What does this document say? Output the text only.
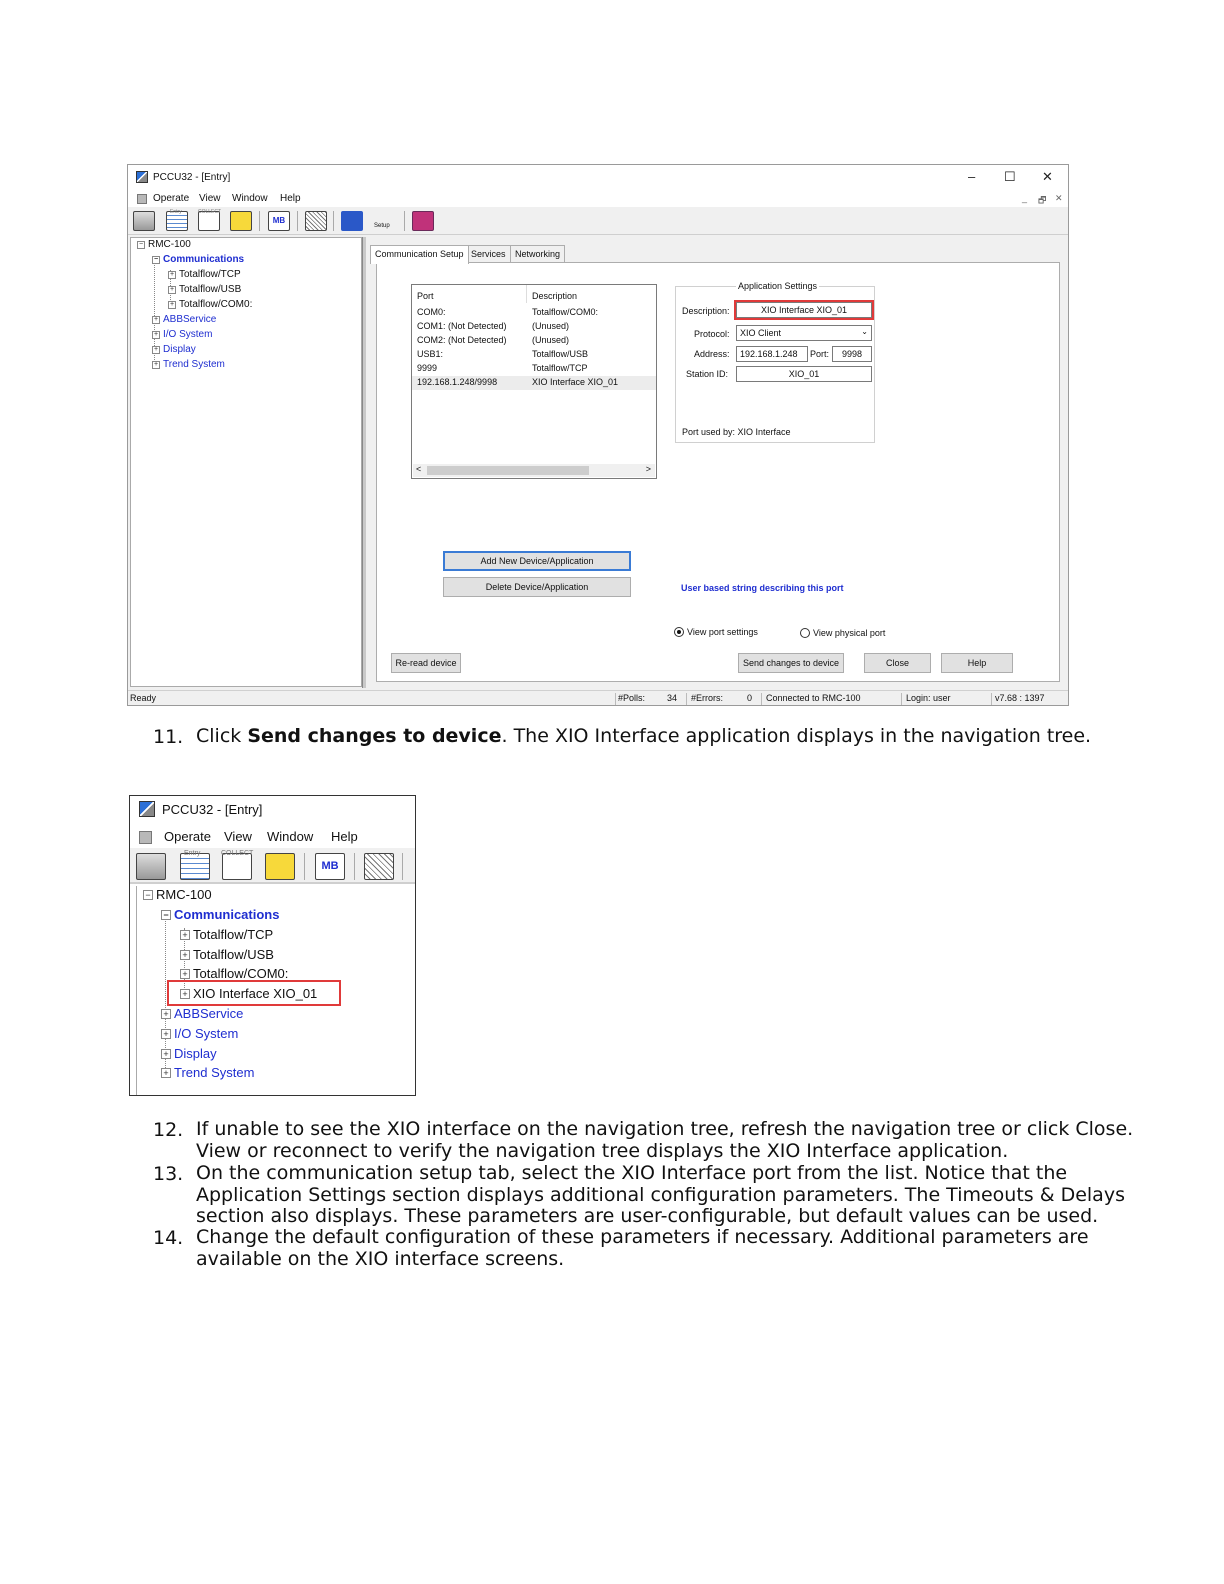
PCCU32 - [Entry]	– ☐ ✕
Operate View Window Help	_ 🗗 ✕
Entry	COLLECT
MB
Setup
− RMC-100
− Communications
+ Totalflow/TCP
+ Totalflow/USB
+ Totalflow/COM0:
+ ABBService
+ I/O System
+ Display
+ Trend System
Communication Setup Services	Networking
Port	Description
COM0:	Totalflow/COM0:
COM1: (Not Detected)	(Unused)
COM2: (Not Detected)	(Unused)
USB1:	Totalflow/USB
9999	Totalflow/TCP
192.168.1.248/9998	XIO Interface XIO_01
<	>
Application Settings
Description:	XIO Interface XIO_01
Protocol:	XIO Client	⌄
Address:	192.168.1.248	Port:	9998
Station ID:	XIO_01
Port used by: XIO Interface
Add New Device/Application
Delete Device/Application	User based string describing this port
View port settings	View physical port
Re-read device	Send changes to device	Close	Help
Ready	#Polls: 34 #Errors:	0 Connected to RMC-100	Login: user	v7.68 : 1397
11. Click Send changes to device. The XIO Interface application displays in the navigation tree.
PCCU32 - [Entry]
Operate View Window Help
Entry	COLLECT
MB
− RMC-100
− Communications
+ Totalflow/TCP
+ Totalflow/USB
+ Totalflow/COM0:
+ XIO Interface XIO_01
+ ABBService
+ I/O System
+ Display
+ Trend System
12. If unable to see the XIO interface on the navigation tree, refresh the navigation tree or click Close.
View or reconnect to verify the navigation tree displays the XIO Interface application.
13. On the communication setup tab, select the XIO Interface port from the list. Notice that the
Application Settings section displays additional configuration parameters. The Timeouts & Delays
section also displays. These parameters are user-configurable, but default values can be used.
14. Change the default configuration of these parameters if necessary. Additional parameters are
available on the XIO interface screens.
